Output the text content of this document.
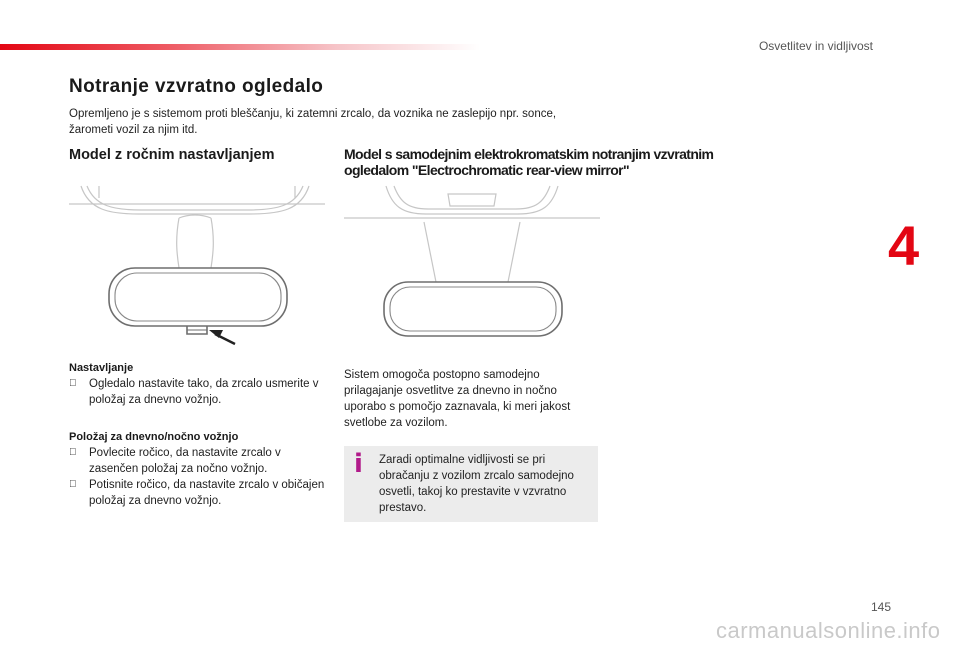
Osvetlitev in vidljivost
4
Notranje vzvratno ogledalo
Opremljeno je s sistemom proti bleščanju, ki zatemni zrcalo, da voznika ne zaslepijo npr. sonce, žarometi vozil za njim itd.
Model z ročnim nastavljanjem	Model s samodejnim elektrokromatskim notranjim vzvratnim ogledalom "Electrochromatic rear-view mirror"
Nastavljanje
Ogledalo nastavite tako, da zrcalo usmerite v položaj za dnevno vožnjo.
Položaj za dnevno/nočno vožnjo
Povlecite ročico, da nastavite zrcalo v zasenčen položaj za nočno vožnjo.
Potisnite ročico, da nastavite zrcalo v običajen položaj za dnevno vožnjo.
Sistem omogoča postopno samodejno prilagajanje osvetlitve za dnevno in nočno uporabo s pomočjo zaznavala, ki meri jakost svetlobe za vozilom.
i	Zaradi optimalne vidljivosti se pri obračanju z vozilom zrcalo samodejno osvetli, takoj ko prestavite v vzvratno prestavo.
145
carmanualsonline.info
